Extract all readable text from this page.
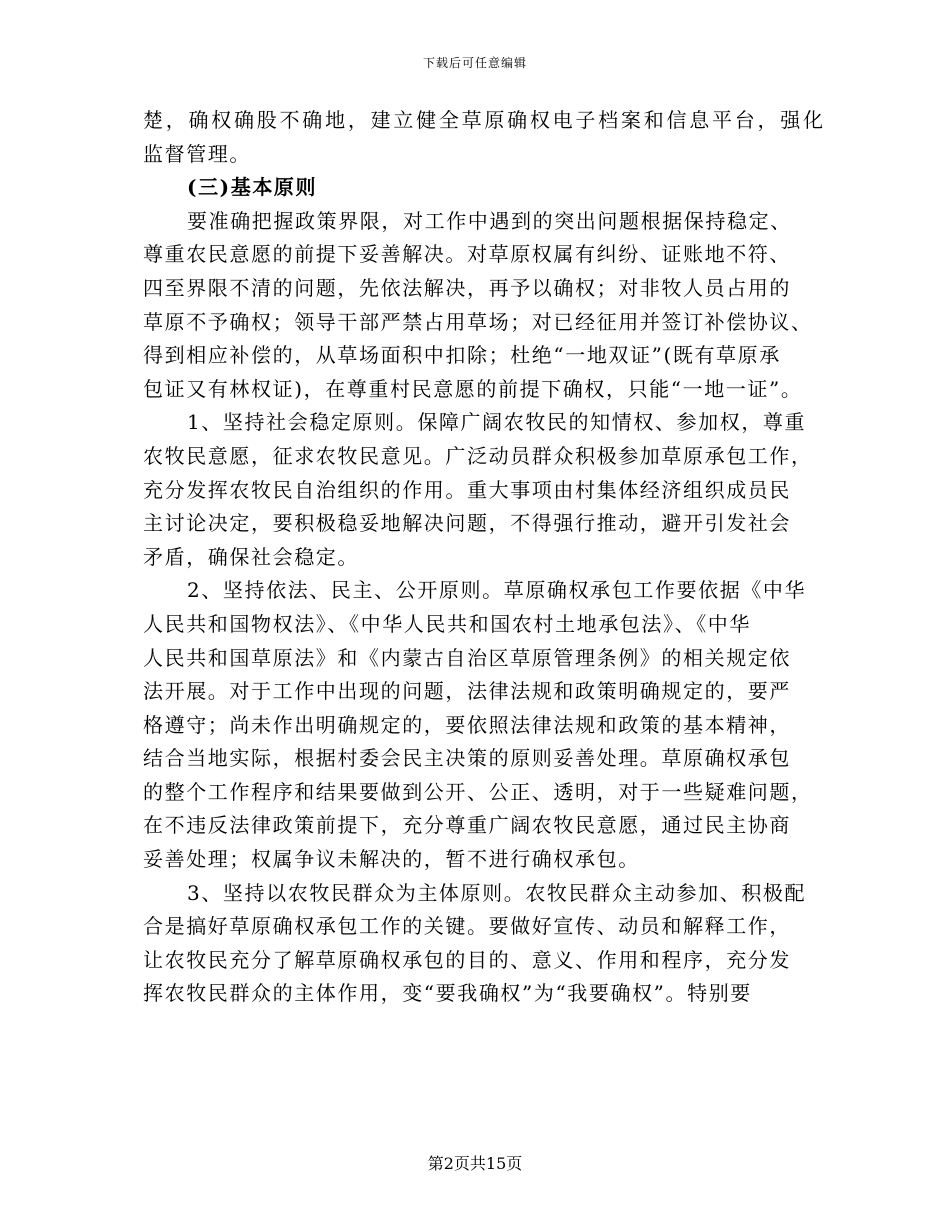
下载后可任意编辑
楚，确权确股不确地，建立健全草原确权电子档案和信息平台，强化
监督管理。
(三)基本原则
要准确把握政策界限，对工作中遇到的突出问题根据保持稳定、
尊重农民意愿的前提下妥善解决。对草原权属有纠纷、证账地不符、
四至界限不清的问题，先依法解决，再予以确权；对非牧人员占用的
草原不予确权；领导干部严禁占用草场；对已经征用并签订补偿协议、
得到相应补偿的，从草场面积中扣除；杜绝“一地双证”(既有草原承
包证又有林权证)，在尊重村民意愿的前提下确权，只能“一地一证”。
1、坚持社会稳定原则。保障广阔农牧民的知情权、参加权，尊重
农牧民意愿，征求农牧民意见。广泛动员群众积极参加草原承包工作，
充分发挥农牧民自治组织的作用。重大事项由村集体经济组织成员民
主讨论决定，要积极稳妥地解决问题，不得强行推动，避开引发社会
矛盾，确保社会稳定。
2、坚持依法、民主、公开原则。草原确权承包工作要依据《中华
人民共和国物权法》、《中华人民共和国农村土地承包法》、《中华
人民共和国草原法》和《内蒙古自治区草原管理条例》的相关规定依
法开展。对于工作中出现的问题，法律法规和政策明确规定的，要严
格遵守；尚未作出明确规定的，要依照法律法规和政策的基本精神，
结合当地实际，根据村委会民主决策的原则妥善处理。草原确权承包
的整个工作程序和结果要做到公开、公正、透明，对于一些疑难问题，
在不违反法律政策前提下，充分尊重广阔农牧民意愿，通过民主协商
妥善处理；权属争议未解决的，暂不进行确权承包。
3、坚持以农牧民群众为主体原则。农牧民群众主动参加、积极配
合是搞好草原确权承包工作的关键。要做好宣传、动员和解释工作，
让农牧民充分了解草原确权承包的目的、意义、作用和程序，充分发
挥农牧民群众的主体作用，变“要我确权”为“我要确权”。特别要
第2页共15页
